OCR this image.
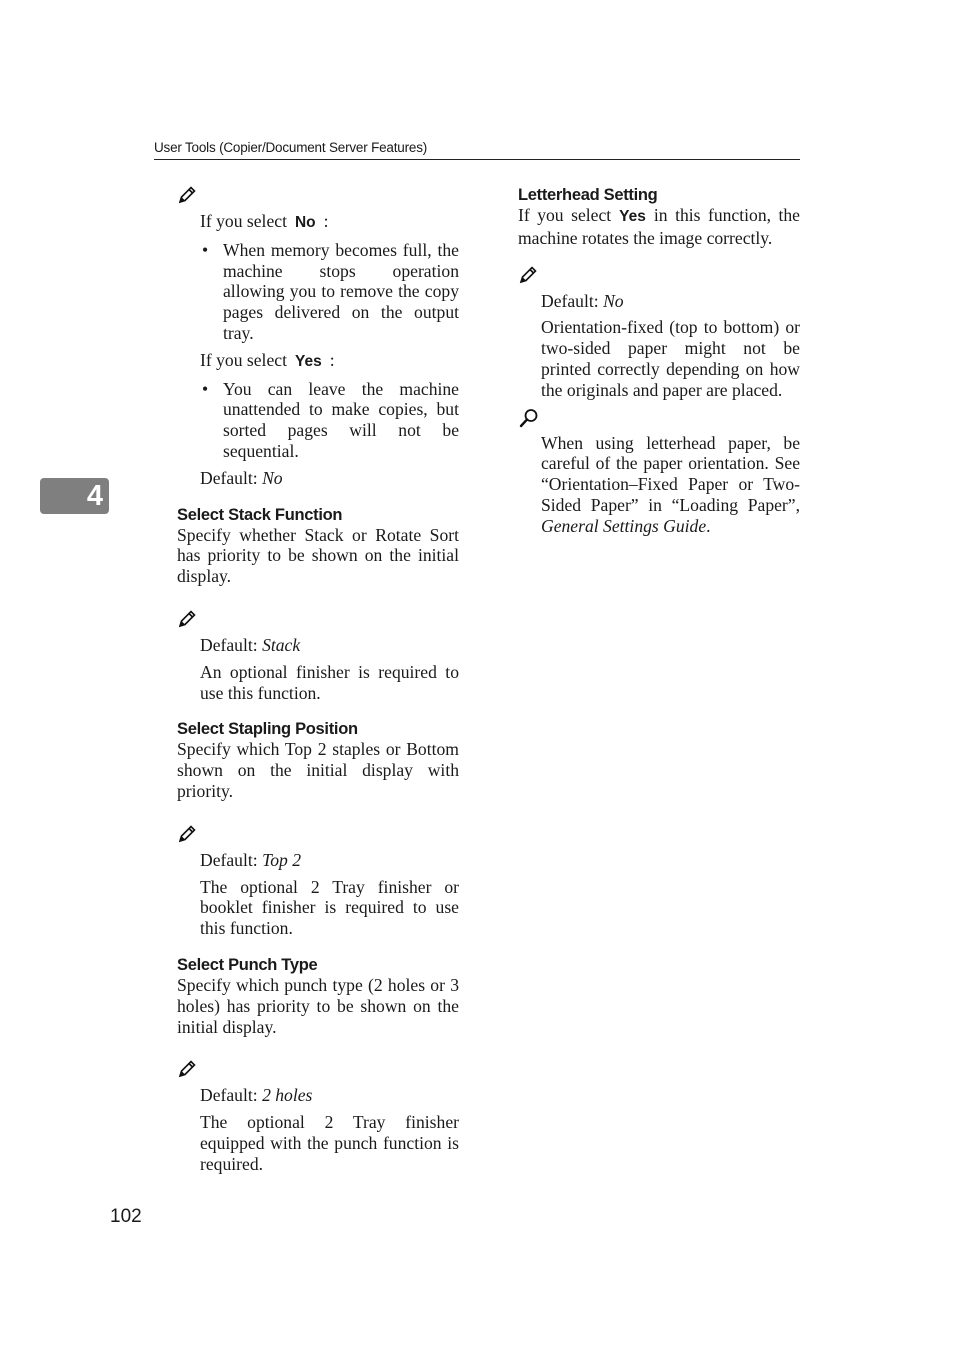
User Tools (Copier/Document Server Features)
4

If you select No :

• When memory becomes full, the machine stops operation allowing you to remove the copy pages delivered on the output tray.

If you select Yes :

• You can leave the machine unattended to make copies, but sorted pages will not be sequential.

Default: No

Select Stack Function

Specify whether Stack or Rotate Sort has priority to be shown on the initial display.

Default: Stack

An optional finisher is required to use this function.

Select Stapling Position

Specify which Top 2 staples or Bottom shown on the initial display with priority.

Default: Top 2

The optional 2 Tray finisher or booklet finisher is required to use this function.

Select Punch Type

Specify which punch type (2 holes or 3 holes) has priority to be shown on the initial display.

Default: 2 holes

The optional 2 Tray finisher equipped with the punch function is required.

Letterhead Setting

If you select Yes in this function, the machine rotates the image correctly.

Default: No

Orientation-fixed (top to bottom) or two-sided paper might not be printed correctly depending on how the originals and paper are placed.

When using letterhead paper, be careful of the paper orientation. See “Orientation–Fixed Paper or Two-Sided Paper” in “Loading Paper”, General Settings Guide.

102
